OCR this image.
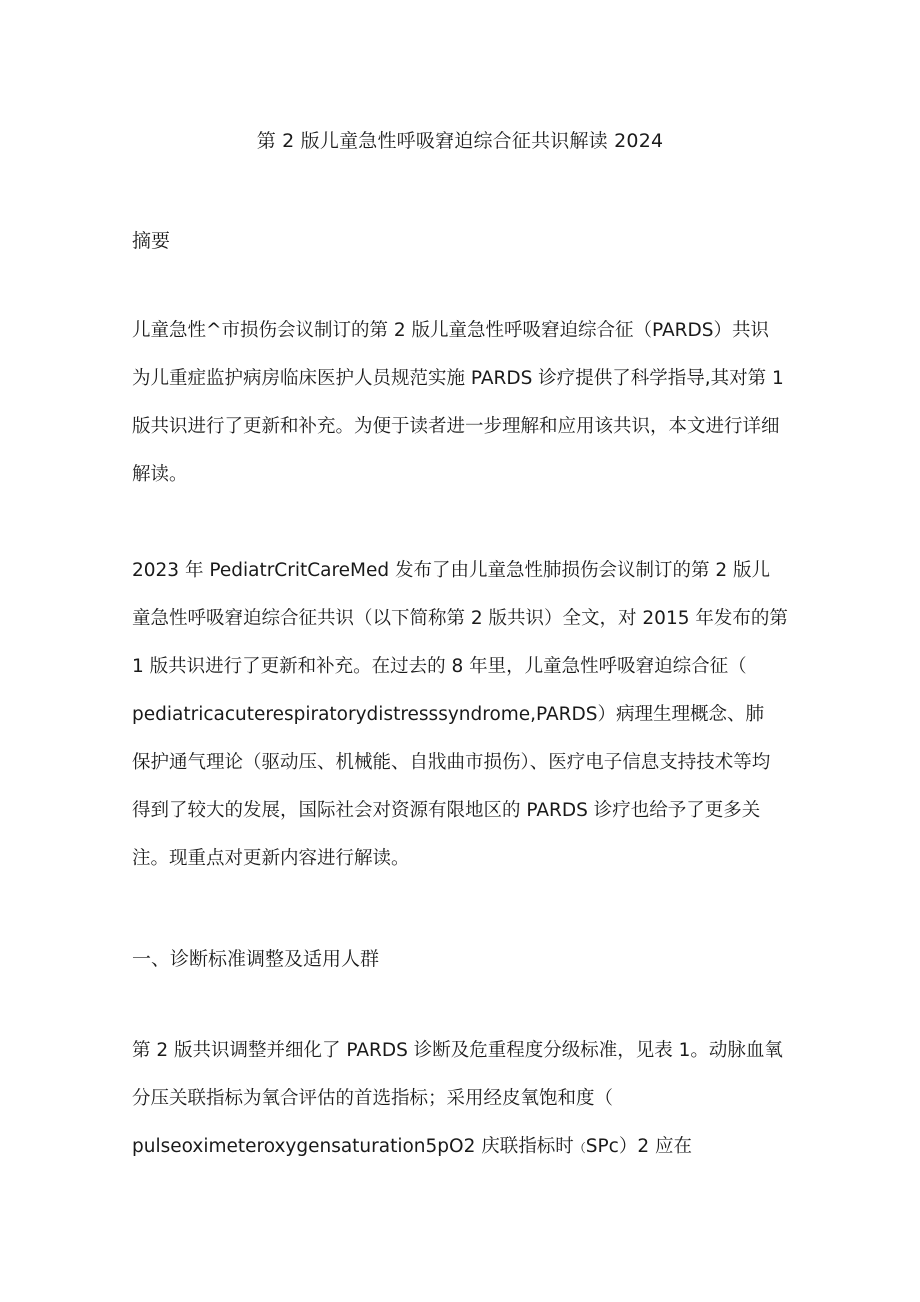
第 2 版儿童急性呼吸窘迫综合征共识解读 2024
摘要
儿童急性^市损伤会议制订的第 2 版儿童急性呼吸窘迫综合征（PARDS）共识
为儿重症监护病房临床医护人员规范实施 PARDS 诊疗提供了科学指导,其对第 1
版共识进行了更新和补充。为便于读者进一步理解和应用该共识，本文进行详细
解读。
2023 年 PediatrCritCareMed 发布了由儿童急性肺损伤会议制订的第 2 版儿
童急性呼吸窘迫综合征共识（以下简称第 2 版共识）全文，对 2015 年发布的第
1 版共识进行了更新和补充。在过去的 8 年里，儿童急性呼吸窘迫综合征（
pediatricacuterespiratorydistresssyndrome,PARDS）病理生理概念、肺
保护通气理论（驱动压、机械能、自戕曲市损伤）、医疗电子信息支持技术等均
得到了较大的发展，国际社会对资源有限地区的 PARDS 诊疗也给予了更多关
注。现重点对更新内容进行解读。
一、诊断标准调整及适用人群
第 2 版共识调整并细化了 PARDS 诊断及危重程度分级标准，见表 1。动脉血氧
分压关联指标为氧合评估的首选指标；采用经皮氧饱和度（
pulseoximeteroxygensaturation5pO2 庆联指标时（SPc）2 应在
